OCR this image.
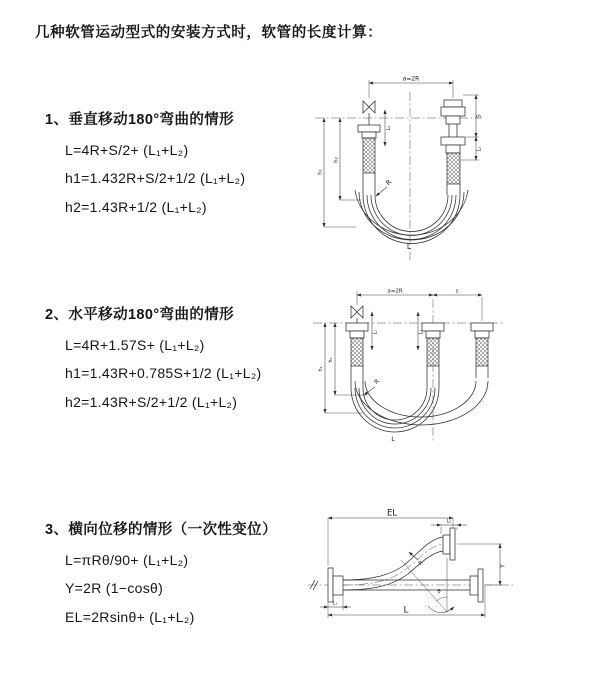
几种软管运动型式的安装方式时，软管的长度计算：
1、垂直移动180°弯曲的情形
L=4R+S/2+ (L₁+L₂)
h1=1.432R+S/2+1/2 (L₁+L₂)
h2=1.43R+1/2 (L₁+L₂)
2、水平移动180°弯曲的情形
L=4R+1.57S+ (L₁+L₂)
h1=1.43R+0.785S+1/2 (L₁+L₂)
h2=1.43R+S/2+1/2 (L₁+L₂)
3、横向位移的情形（一次性变位）
L=πRθ/90+ (L₁+L₂)
Y=2R (1−cosθ)
EL=2Rsinθ+ (L₁+L₂)
a=2R
h₁
h₂
L₁
S
L₂
R
L
a=2R	s
h₁
h₂
L₁	L₂
R
L
θ
R
EL
L₂
Y
L
L₁
